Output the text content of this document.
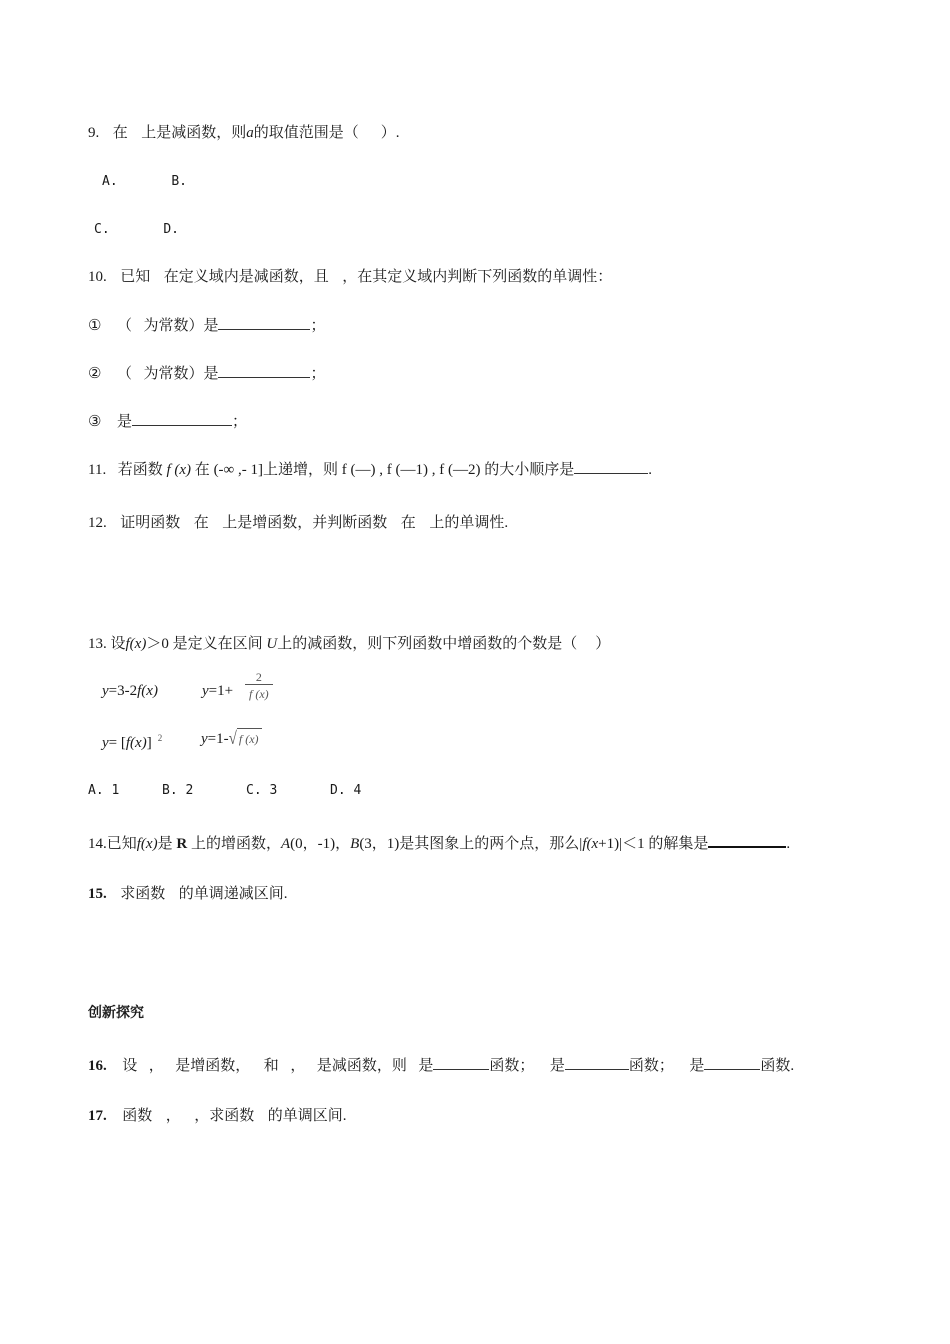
9. 在 上是减函数，则a的取值范围是（ ）.
A.	B.
C.	D.
10. 已知 在定义域内是减函数，且 ，在其定义域内判断下列函数的单调性：
① （ 为常数）是	；
② （ 为常数）是	；
③ 是	；
11. 若函数 f (x) 在 (-∞ ,- 1]上递增，则 f (—) , f (—1) , f (—2) 的大小顺序是	.
12. 证明函数 在 上是增函数，并判断函数 在 上的单调性.
13. 设f(x)＞0 是定义在区间 U上的减函数，则下列函数中增函数的个数是（ ）
y=3-2f(x)	$y=1+ \frac{2}{f (x)}$
y= [f(x)] $^2$	y=1-√ f (x)
A. 1	B. 2	C. 3	D. 4
14.已知f(x)是 R 上的增函数，A(0，-1)，B(3，1)是其图象上的两个点，那么|f(x+1)|＜1 的解集是	.
15. 求函数 的单调递减区间.
创新探究
16. 设 ， 是增函数， 和 ， 是减函数，则 是	函数； 是	函数； 是	函数.
17. 函数 ， ，求函数 的单调区间.
